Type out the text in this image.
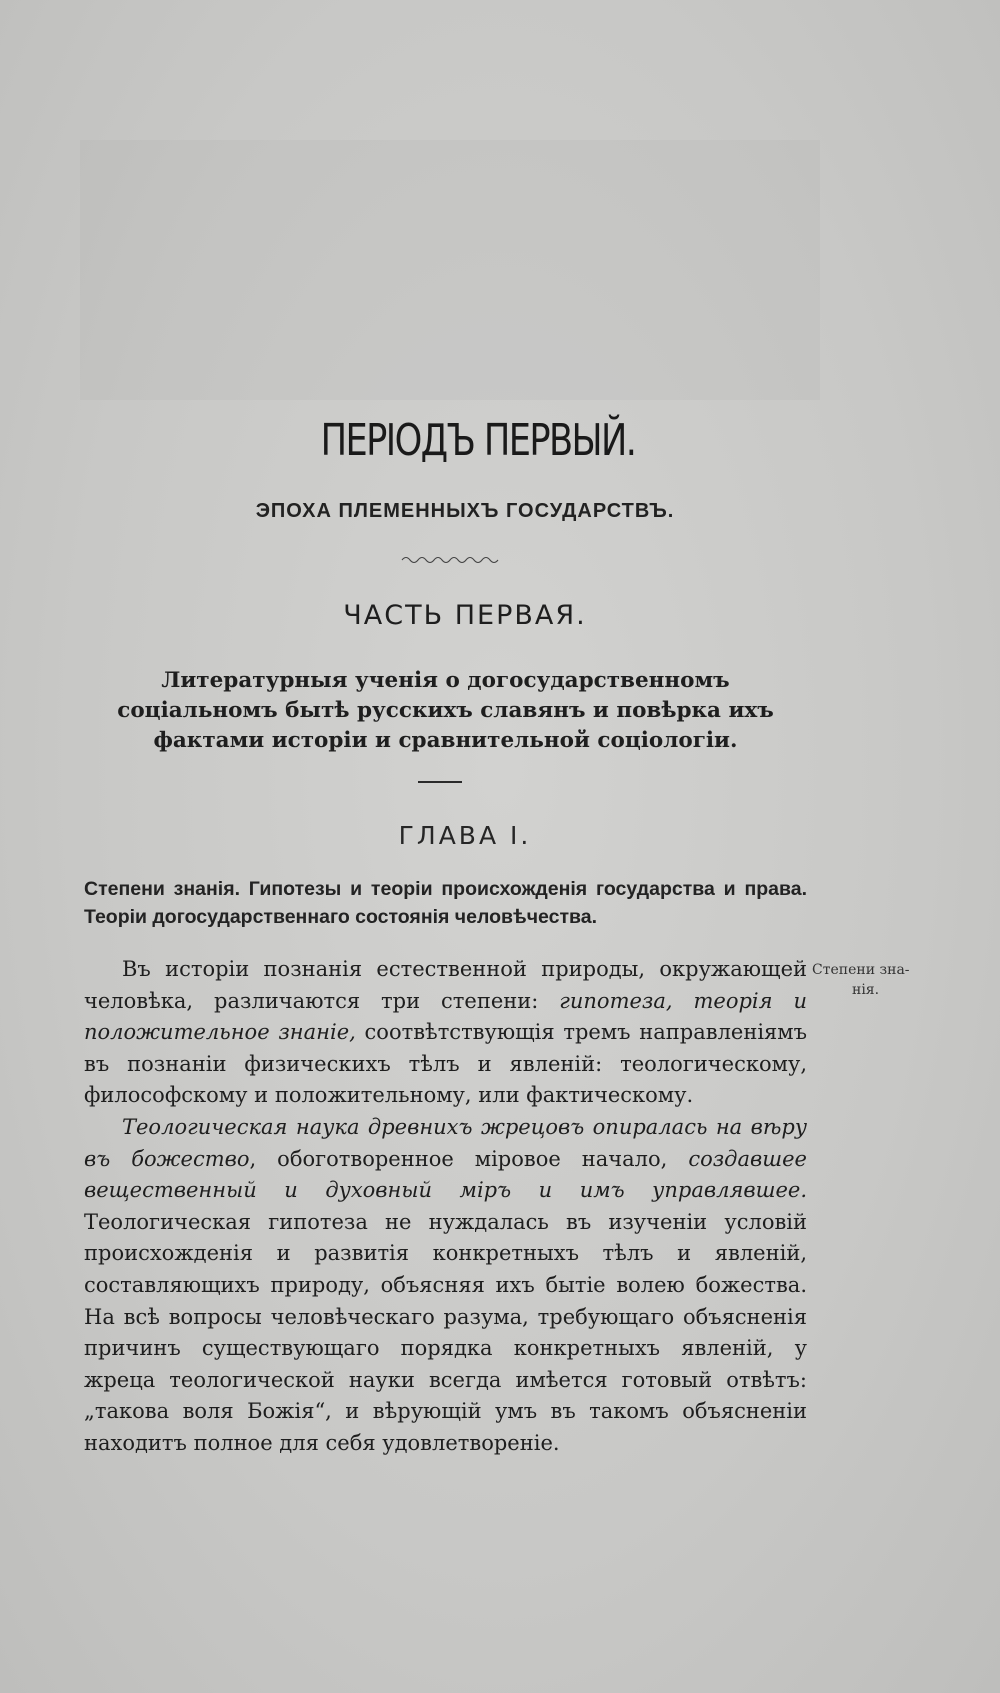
ПЕРІОДЪ ПЕРВЫЙ.
ЭПОХА ПЛЕМЕННЫХЪ ГОСУДАРСТВЪ.
ЧАСТЬ ПЕРВАЯ.
Литературныя ученія о догосударственномъ соціальномъ бытѣ русскихъ славянъ и повѣрка ихъ фактами исторіи и сравнительной соціологіи.
ГЛАВА I.
Степени знанія. Гипотезы и теоріи происхожденія государства и права. Теоріи догосударственнаго состоянія человѣчества.
Степени зна-
нія.

Въ исторіи познанія естественной природы, окружающей человѣка, различаются три степени: гипотеза, теорія и положительное знаніе, соотвѣтствующія тремъ направленіямъ въ познаніи физическихъ тѣлъ и явленій: теологическому, философскому и положительному, или фактическому.

Теологическая наука древнихъ жрецовъ опиралась на вѣру въ божество, обоготворенное міровое начало, создавшее вещественный и духовный міръ и имъ управлявшее. Теологическая гипотеза не нуждалась въ изученіи условій происхожденія и развитія конкретныхъ тѣлъ и явленій, составляющихъ природу, объясняя ихъ бытіе волею божества. На всѣ вопросы человѣческаго разума, требующаго объясненія причинъ существующаго порядка конкретныхъ явленій, у жреца теологической науки всегда имѣется готовый отвѣтъ: „такова воля Божія“, и вѣрующій умъ въ такомъ объясненіи находитъ полное для себя удовлетвореніе.
